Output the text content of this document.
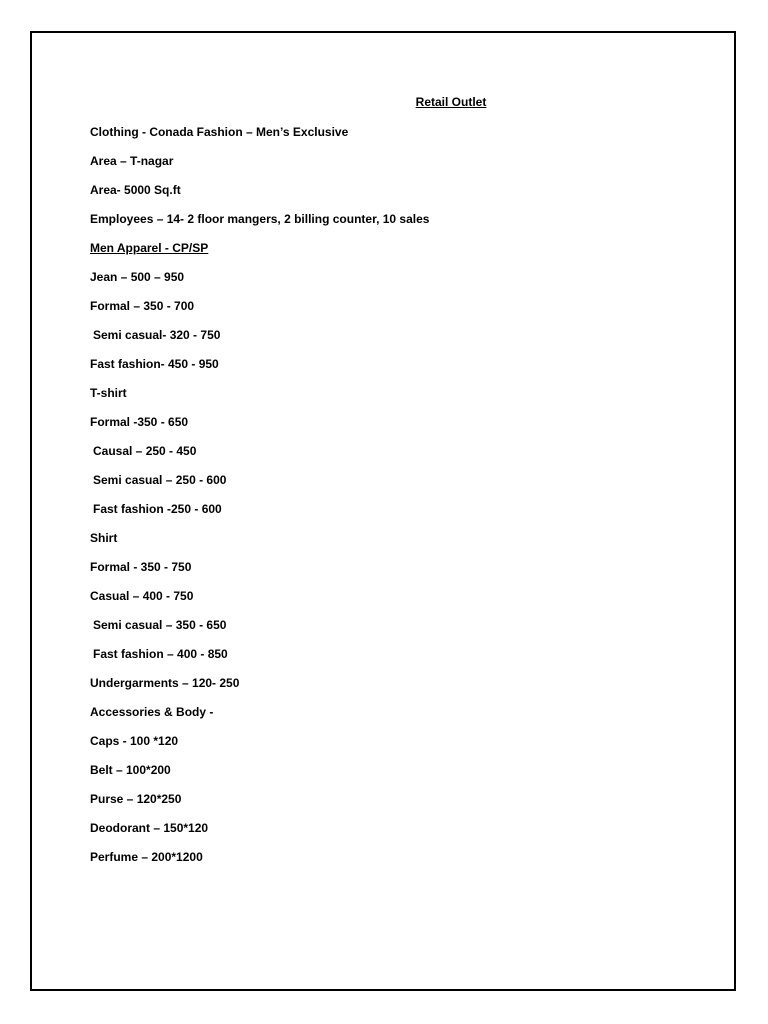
Retail Outlet
Clothing - Conada Fashion – Men’s Exclusive
Area – T-nagar
Area- 5000 Sq.ft
Employees – 14- 2 floor mangers, 2 billing counter, 10 sales
Men Apparel - CP/SP
Jean – 500 – 950
Formal – 350 - 700
Semi casual- 320 - 750
Fast fashion- 450 - 950
T-shirt
Formal -350 - 650
Causal – 250 - 450
Semi casual – 250 - 600
Fast fashion -250 - 600
Shirt
Formal - 350 - 750
Casual – 400 - 750
Semi casual – 350 - 650
Fast fashion – 400 - 850
Undergarments – 120- 250
Accessories & Body -
Caps - 100 *120
Belt – 100*200
Purse – 120*250
Deodorant – 150*120
Perfume – 200*1200
